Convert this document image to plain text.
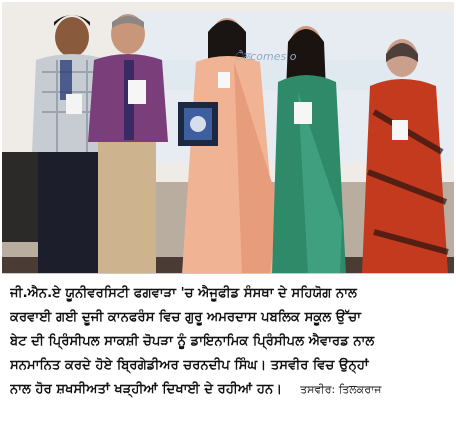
ੈਲcomes o
ਜੀ.ਐਨ.ਏ ਯੂਨੀਵਰਸਿਟੀ ਫਗਵਾੜਾ 'ਚ ਐਜੂਫੀਡ ਸੰਸਥਾ ਦੇ ਸਹਿਯੋਗ ਨਾਲ
ਕਰਵਾਈ ਗਈ ਦੂਜੀ ਕਾਨਫਰੰਸ ਵਿਚ ਗੁਰੂ ਅਮਰਦਾਸ ਪਬਲਿਕ ਸਕੂਲ ਉੱਚਾ
ਬੇਟ ਦੀ ਪ੍ਰਿੰਸੀਪਲ ਸਾਕਸ਼ੀ ਚੋਪੜਾ ਨੂੰ ਡਾਇਨਾਮਿਕ ਪ੍ਰਿੰਸੀਪਲ ਐਵਾਰਡ ਨਾਲ
ਸਨਮਾਨਿਤ ਕਰਦੇ ਹੋਏ ਬ੍ਰਿਗੇਡੀਅਰ ਚਰਨਦੀਪ ਸਿੰਘ। ਤਸਵੀਰ ਵਿਚ ਉਨ੍ਹਾਂ
ਨਾਲ ਹੋਰ ਸ਼ਖਸੀਅਤਾਂ ਖੜ੍ਹੀਆਂ ਦਿਖਾਈ ਦੇ ਰਹੀਆਂ ਹਨ। ਤਸਵੀਰ: ਤਿਲਕਰਾਜ
